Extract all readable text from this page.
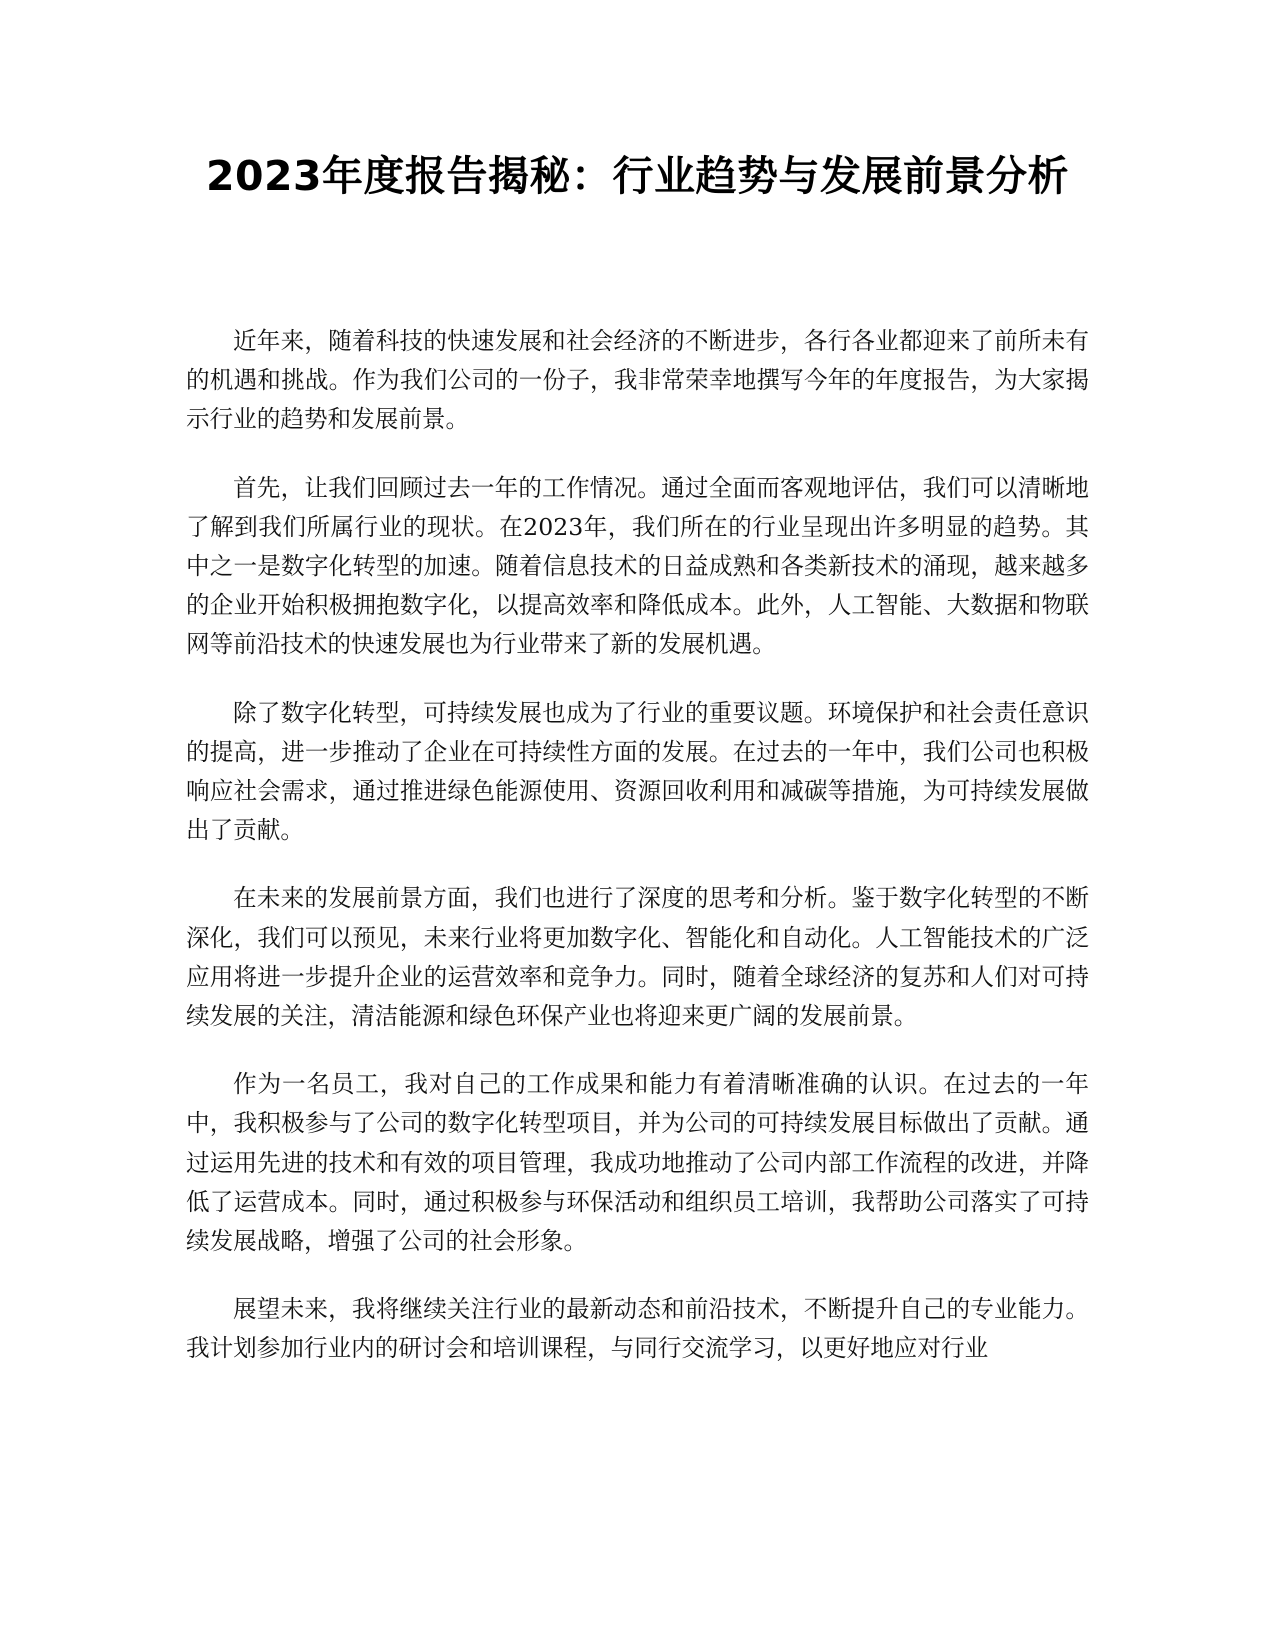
2023年度报告揭秘：行业趋势与发展前景分析

近年来，随着科技的快速发展和社会经济的不断进步，各行各业都迎来了前所未有的机遇和挑战。作为我们公司的一份子，我非常荣幸地撰写今年的年度报告，为大家揭示行业的趋势和发展前景。

首先，让我们回顾过去一年的工作情况。通过全面而客观地评估，我们可以清晰地了解到我们所属行业的现状。在2023年，我们所在的行业呈现出许多明显的趋势。其中之一是数字化转型的加速。随着信息技术的日益成熟和各类新技术的涌现，越来越多的企业开始积极拥抱数字化，以提高效率和降低成本。此外，人工智能、大数据和物联网等前沿技术的快速发展也为行业带来了新的发展机遇。

除了数字化转型，可持续发展也成为了行业的重要议题。环境保护和社会责任意识的提高，进一步推动了企业在可持续性方面的发展。在过去的一年中，我们公司也积极响应社会需求，通过推进绿色能源使用、资源回收利用和减碳等措施，为可持续发展做出了贡献。

在未来的发展前景方面，我们也进行了深度的思考和分析。鉴于数字化转型的不断深化，我们可以预见，未来行业将更加数字化、智能化和自动化。人工智能技术的广泛应用将进一步提升企业的运营效率和竞争力。同时，随着全球经济的复苏和人们对可持续发展的关注，清洁能源和绿色环保产业也将迎来更广阔的发展前景。

作为一名员工，我对自己的工作成果和能力有着清晰准确的认识。在过去的一年中，我积极参与了公司的数字化转型项目，并为公司的可持续发展目标做出了贡献。通过运用先进的技术和有效的项目管理，我成功地推动了公司内部工作流程的改进，并降低了运营成本。同时，通过积极参与环保活动和组织员工培训，我帮助公司落实了可持续发展战略，增强了公司的社会形象。

展望未来，我将继续关注行业的最新动态和前沿技术，不断提升自己的专业能力。我计划参加行业内的研讨会和培训课程，与同行交流学习，以更好地应对行业
